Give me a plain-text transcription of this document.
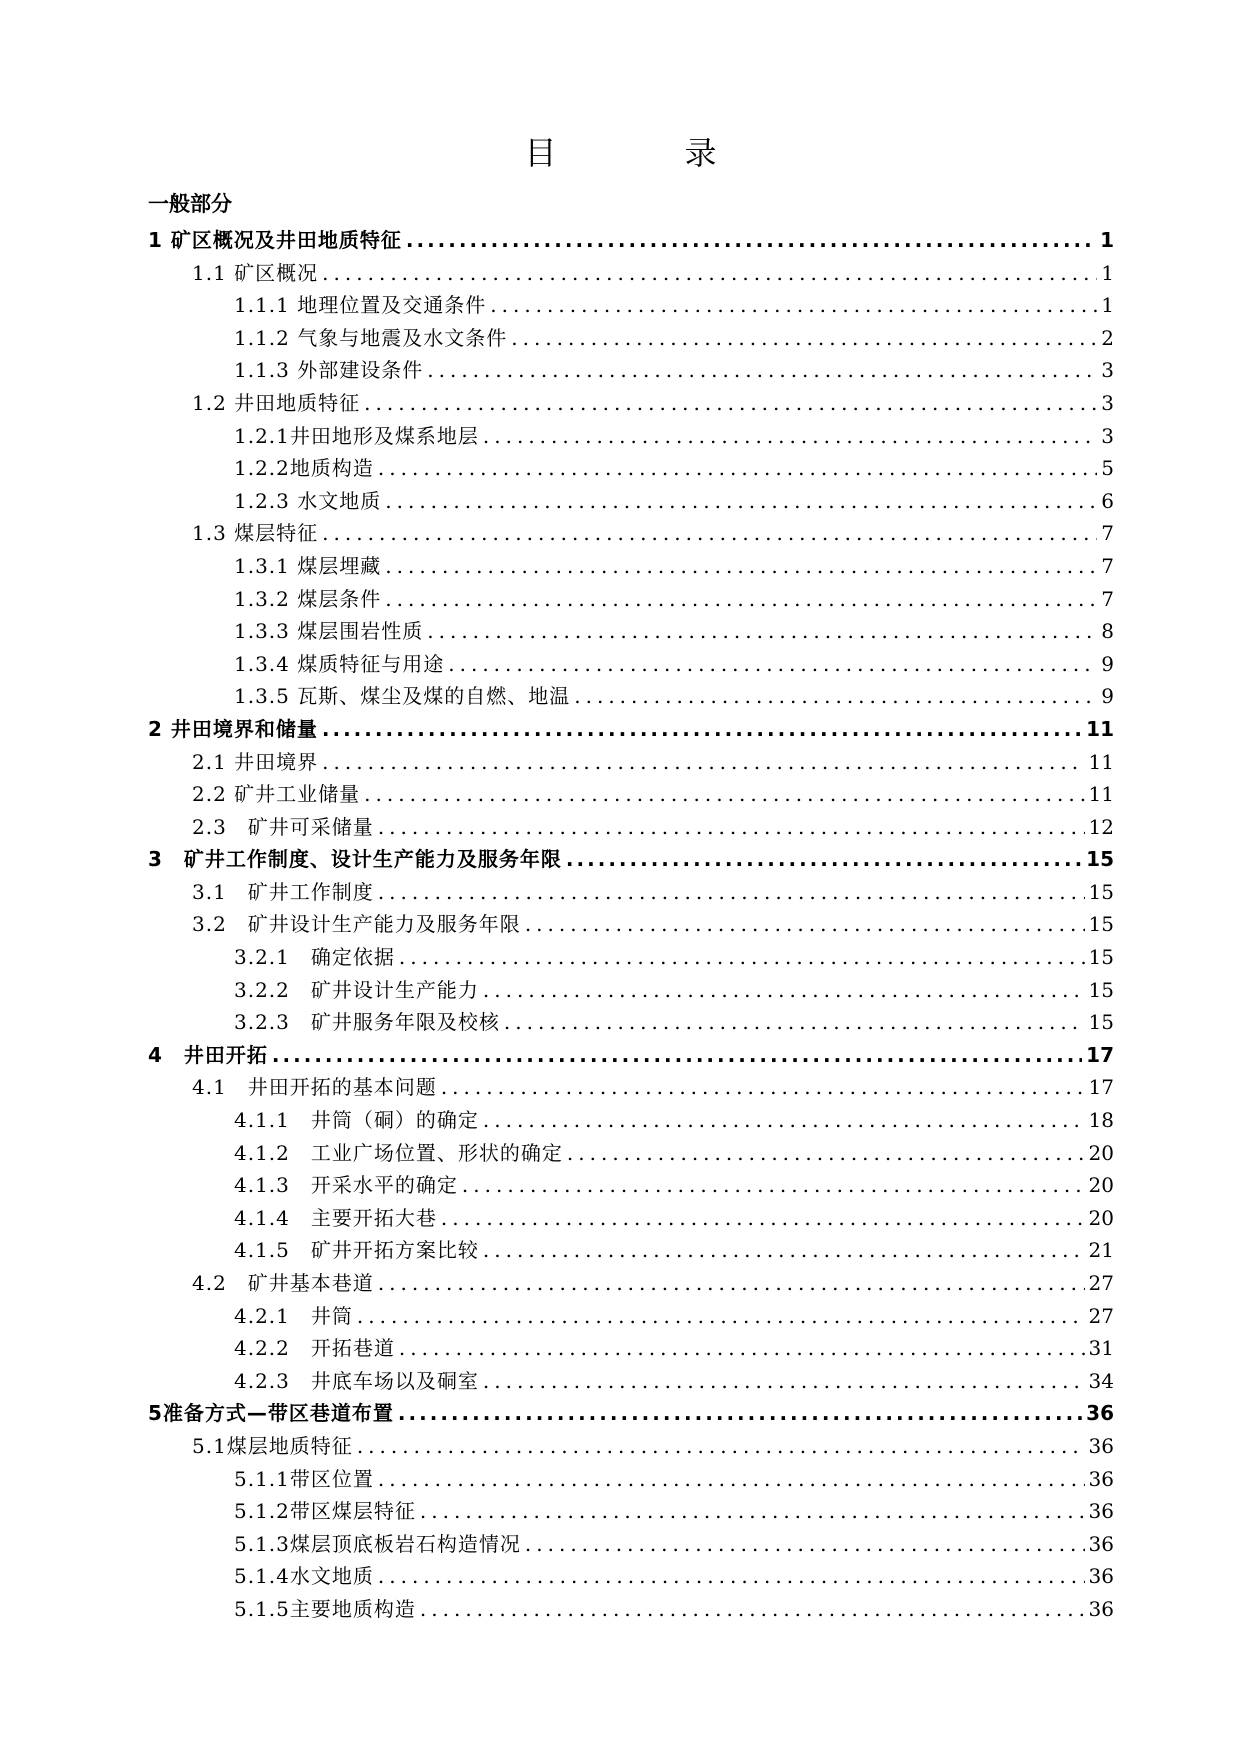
目　录
一般部分
1 矿区概况及井田地质特征 .....	1
1.1 矿区概况 .....	1
1.1.1 地理位置及交通条件 .....	1
1.1.2 气象与地震及水文条件 .....	2
1.1.3 外部建设条件 .....	3
1.2 井田地质特征 .....	3
1.2.1井田地形及煤系地层 .....	3
1.2.2地质构造 .....	5
1.2.3 水文地质 .....	6
1.3 煤层特征 .....	7
1.3.1 煤层埋藏 .....	7
1.3.2 煤层条件 .....	7
1.3.3 煤层围岩性质 .....	8
1.3.4 煤质特征与用途 .....	9
1.3.5 瓦斯、煤尘及煤的自燃、地温 .....	9
2 井田境界和储量 .....	11
2.1 井田境界 .....	11
2.2 矿井工业储量 .....	11
2.3　矿井可采储量 .....	12
3　矿井工作制度、设计生产能力及服务年限 .....	15
3.1　矿井工作制度 .....	15
3.2　矿井设计生产能力及服务年限 .....	15
3.2.1　确定依据 .....	15
3.2.2　矿井设计生产能力 .....	15
3.2.3　矿井服务年限及校核 .....	15
4　井田开拓 .....	17
4.1　井田开拓的基本问题 .....	17
4.1.1　井筒（硐）的确定 .....	18
4.1.2　工业广场位置、形状的确定 .....	20
4.1.3　开采水平的确定 .....	20
4.1.4　主要开拓大巷 .....	20
4.1.5　矿井开拓方案比较 .....	21
4.2　矿井基本巷道 .....	27
4.2.1　井筒 .....	27
4.2.2　开拓巷道 .....	31
4.2.3　井底车场以及硐室 .....	34
5准备方式—带区巷道布置 .....	36
5.1煤层地质特征 .....	36
5.1.1带区位置 .....	36
5.1.2带区煤层特征 .....	36
5.1.3煤层顶底板岩石构造情况 .....	36
5.1.4水文地质 .....	36
5.1.5主要地质构造 .....	36
